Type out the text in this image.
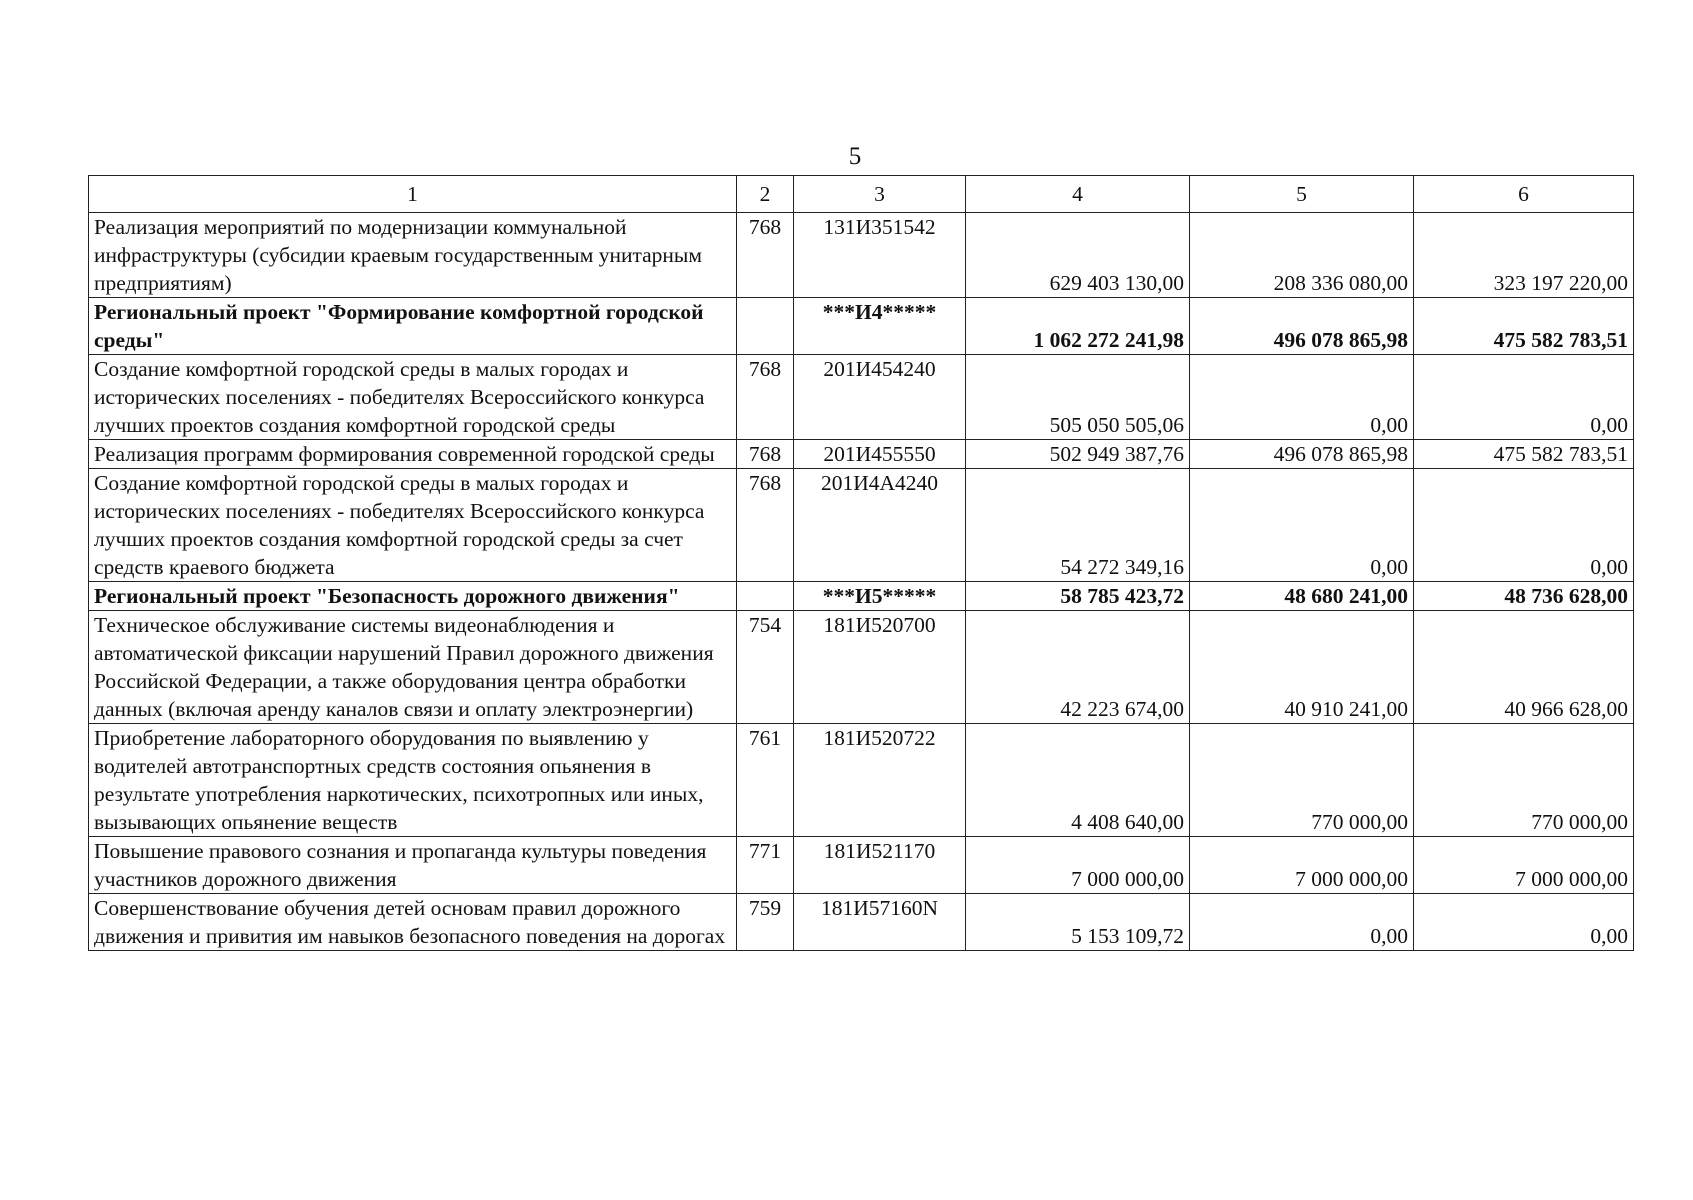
5
1	2	3	4	5	6
Реализация мероприятий по модернизации коммунальной инфраструктуры (субсидии краевым государственным унитарным предприятиям)	768	131И351542	629 403 130,00	208 336 080,00	323 197 220,00
Региональный проект "Формирование комфортной городской среды"		***И4*****	1 062 272 241,98	496 078 865,98	475 582 783,51
Создание комфортной городской среды в малых городах и исторических поселениях - победителях Всероссийского конкурса лучших проектов создания комфортной городской среды	768	201И454240	505 050 505,06	0,00	0,00
Реализация программ формирования современной городской среды	768	201И455550	502 949 387,76	496 078 865,98	475 582 783,51
Создание комфортной городской среды в малых городах и исторических поселениях - победителях Всероссийского конкурса лучших проектов создания комфортной городской среды за счет средств краевого бюджета	768	201И4А4240	54 272 349,16	0,00	0,00
Региональный проект "Безопасность дорожного движения"		***И5*****	58 785 423,72	48 680 241,00	48 736 628,00
Техническое обслуживание системы видеонаблюдения и автоматической фиксации нарушений Правил дорожного движения Российской Федерации, а также оборудования центра обработки данных (включая аренду каналов связи и оплату электроэнергии)	754	181И520700	42 223 674,00	40 910 241,00	40 966 628,00
Приобретение лабораторного оборудования по выявлению у водителей автотранспортных средств состояния опьянения в результате употребления наркотических, психотропных или иных, вызывающих опьянение веществ	761	181И520722	4 408 640,00	770 000,00	770 000,00
Повышение правового сознания и пропаганда культуры поведения участников дорожного движения	771	181И521170	7 000 000,00	7 000 000,00	7 000 000,00
Совершенствование обучения детей основам правил дорожного движения и привития им навыков безопасного поведения на дорогах	759	181И57160N	5 153 109,72	0,00	0,00
